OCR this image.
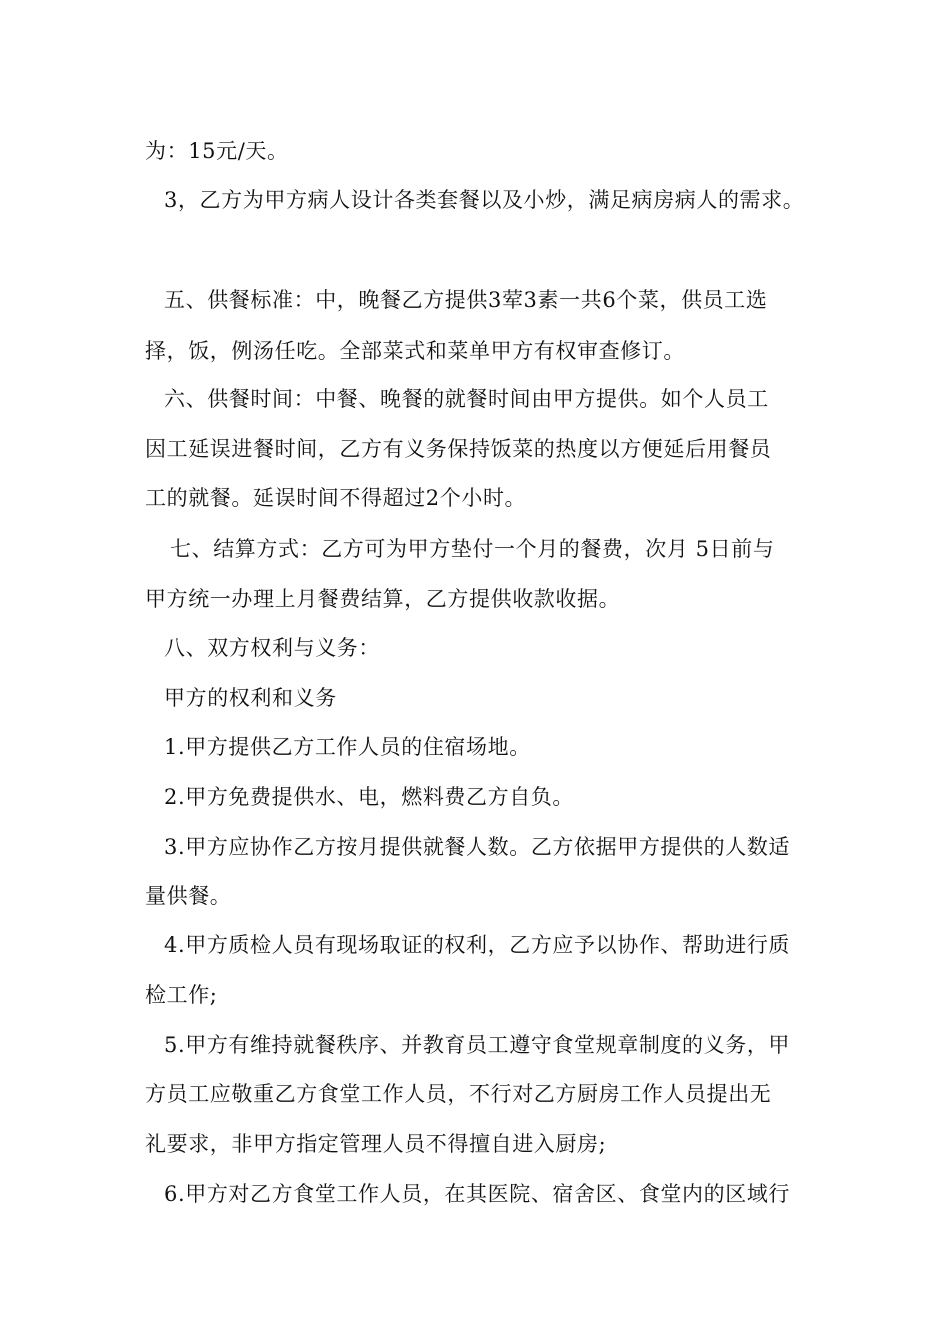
为：15元/天。
3，乙方为甲方病人设计各类套餐以及小炒，满足病房病人的需求。
五、供餐标准：中，晚餐乙方提供3荤3素一共6个菜，供员工选
择，饭，例汤任吃。全部菜式和菜单甲方有权审查修订。
六、供餐时间：中餐、晚餐的就餐时间由甲方提供。如个人员工
因工延误进餐时间，乙方有义务保持饭菜的热度以方便延后用餐员
工的就餐。延误时间不得超过2个小时。
七、结算方式：乙方可为甲方垫付一个月的餐费，次月 5日前与
甲方统一办理上月餐费结算，乙方提供收款收据。
八、双方权利与义务：
甲方的权利和义务
1.甲方提供乙方工作人员的住宿场地。
2.甲方免费提供水、电，燃料费乙方自负。
3.甲方应协作乙方按月提供就餐人数。乙方依据甲方提供的人数适
量供餐。
4.甲方质检人员有现场取证的权利，乙方应予以协作、帮助进行质
检工作;
5.甲方有维持就餐秩序、并教育员工遵守食堂规章制度的义务，甲
方员工应敬重乙方食堂工作人员，不行对乙方厨房工作人员提出无
礼要求，非甲方指定管理人员不得擅自进入厨房;
6.甲方对乙方食堂工作人员，在其医院、宿舍区、食堂内的区域行
